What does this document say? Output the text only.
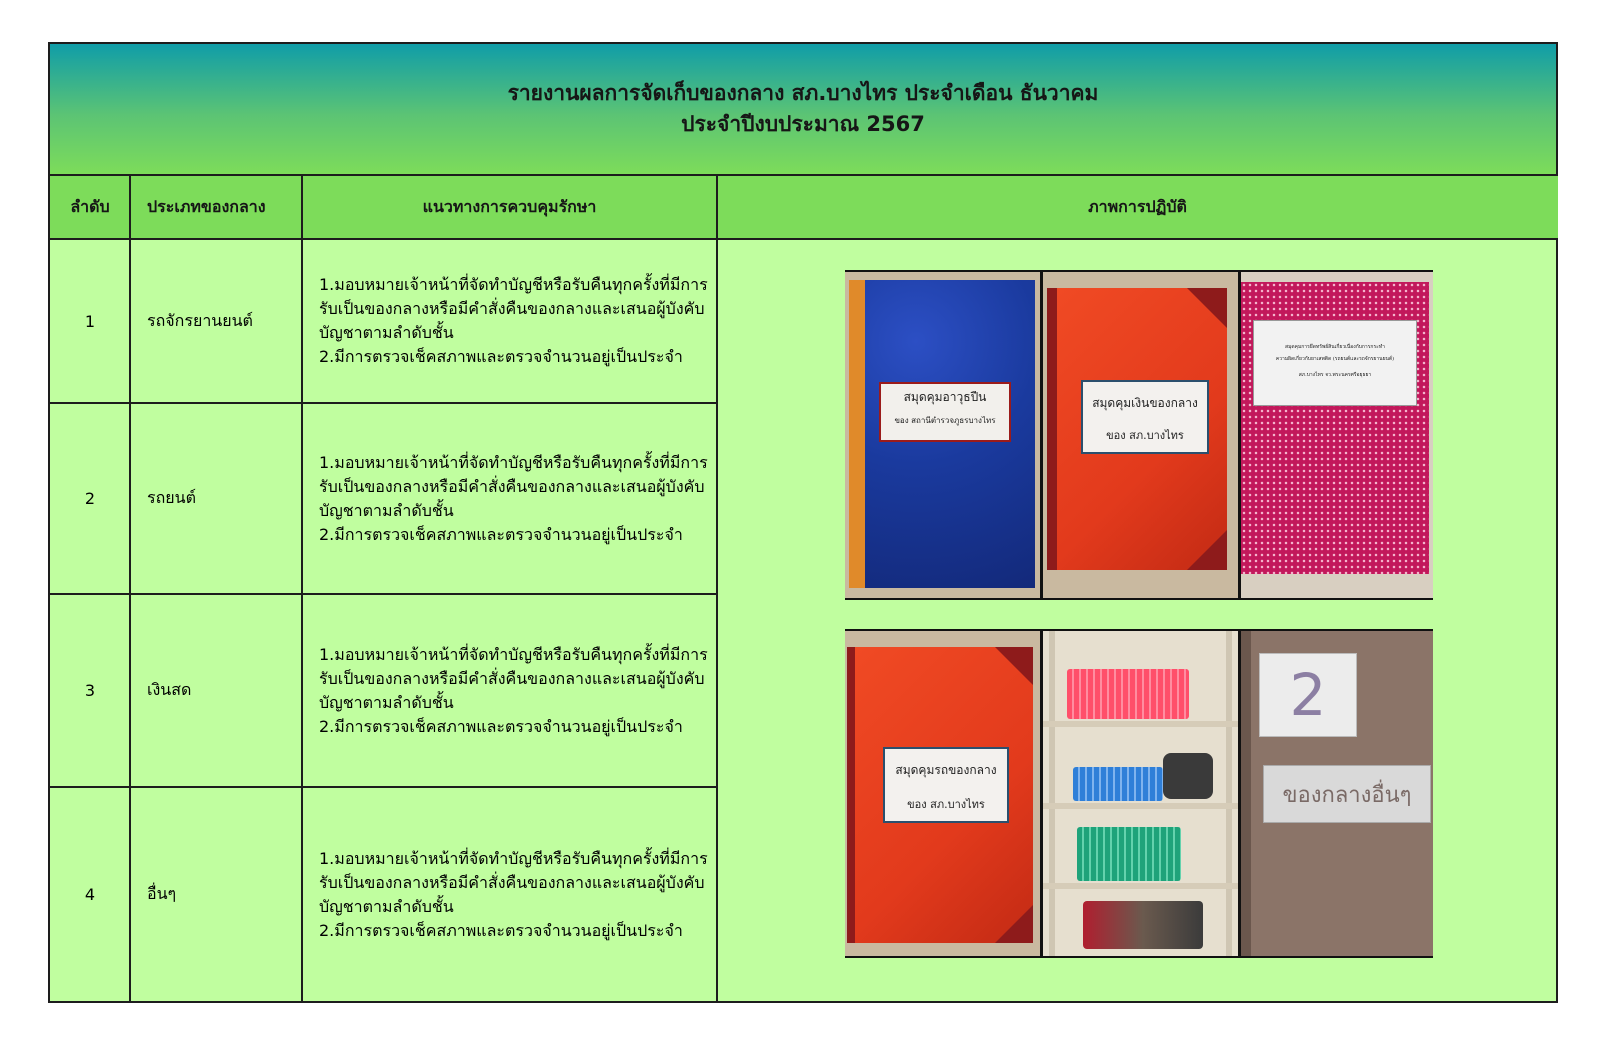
รายงานผลการจัดเก็บของกลาง สภ.บางไทร ประจำเดือน ธันวาคม
ประจำปีงบประมาณ 2567
ลำดับ	ประเภทของกลาง	แนวทางการควบคุมรักษา	ภาพการปฏิบัติ
1	รถจักรยานยนต์
1.มอบหมายเจ้าหน้าที่จัดทำบัญชีหรือรับคืนทุกครั้งที่มีการ
รับเป็นของกลางหรือมีคำสั่งคืนของกลางและเสนอผู้บังคับ
บัญชาตามลำดับชั้น
2.มีการตรวจเช็คสภาพและตรวจจำนวนอยู่เป็นประจำ
2	รถยนต์
1.มอบหมายเจ้าหน้าที่จัดทำบัญชีหรือรับคืนทุกครั้งที่มีการ
รับเป็นของกลางหรือมีคำสั่งคืนของกลางและเสนอผู้บังคับ
บัญชาตามลำดับชั้น
2.มีการตรวจเช็คสภาพและตรวจจำนวนอยู่เป็นประจำ
3	เงินสด
1.มอบหมายเจ้าหน้าที่จัดทำบัญชีหรือรับคืนทุกครั้งที่มีการ
รับเป็นของกลางหรือมีคำสั่งคืนของกลางและเสนอผู้บังคับ
บัญชาตามลำดับชั้น
2.มีการตรวจเช็คสภาพและตรวจจำนวนอยู่เป็นประจำ
4	อื่นๆ
1.มอบหมายเจ้าหน้าที่จัดทำบัญชีหรือรับคืนทุกครั้งที่มีการ
รับเป็นของกลางหรือมีคำสั่งคืนของกลางและเสนอผู้บังคับ
บัญชาตามลำดับชั้น
2.มีการตรวจเช็คสภาพและตรวจจำนวนอยู่เป็นประจำ
สมุดคุมอาวุธปืน
ของ สถานีตำรวจภูธรบางไทร
สมุดคุมเงินของกลาง
ของ สภ.บางไทร
สมุดคุมการยึดทรัพย์สินเกี่ยวเนื่องกับการกระทำ
ความผิดเกี่ยวกับยาเสพติด (รถยนต์และรถจักรยานยนต์)
สภ.บางไทร จว.พระนครศรีอยุธยา
สมุดคุมรถของกลาง
ของ สภ.บางไทร
2
ของกลางอื่นๆ
